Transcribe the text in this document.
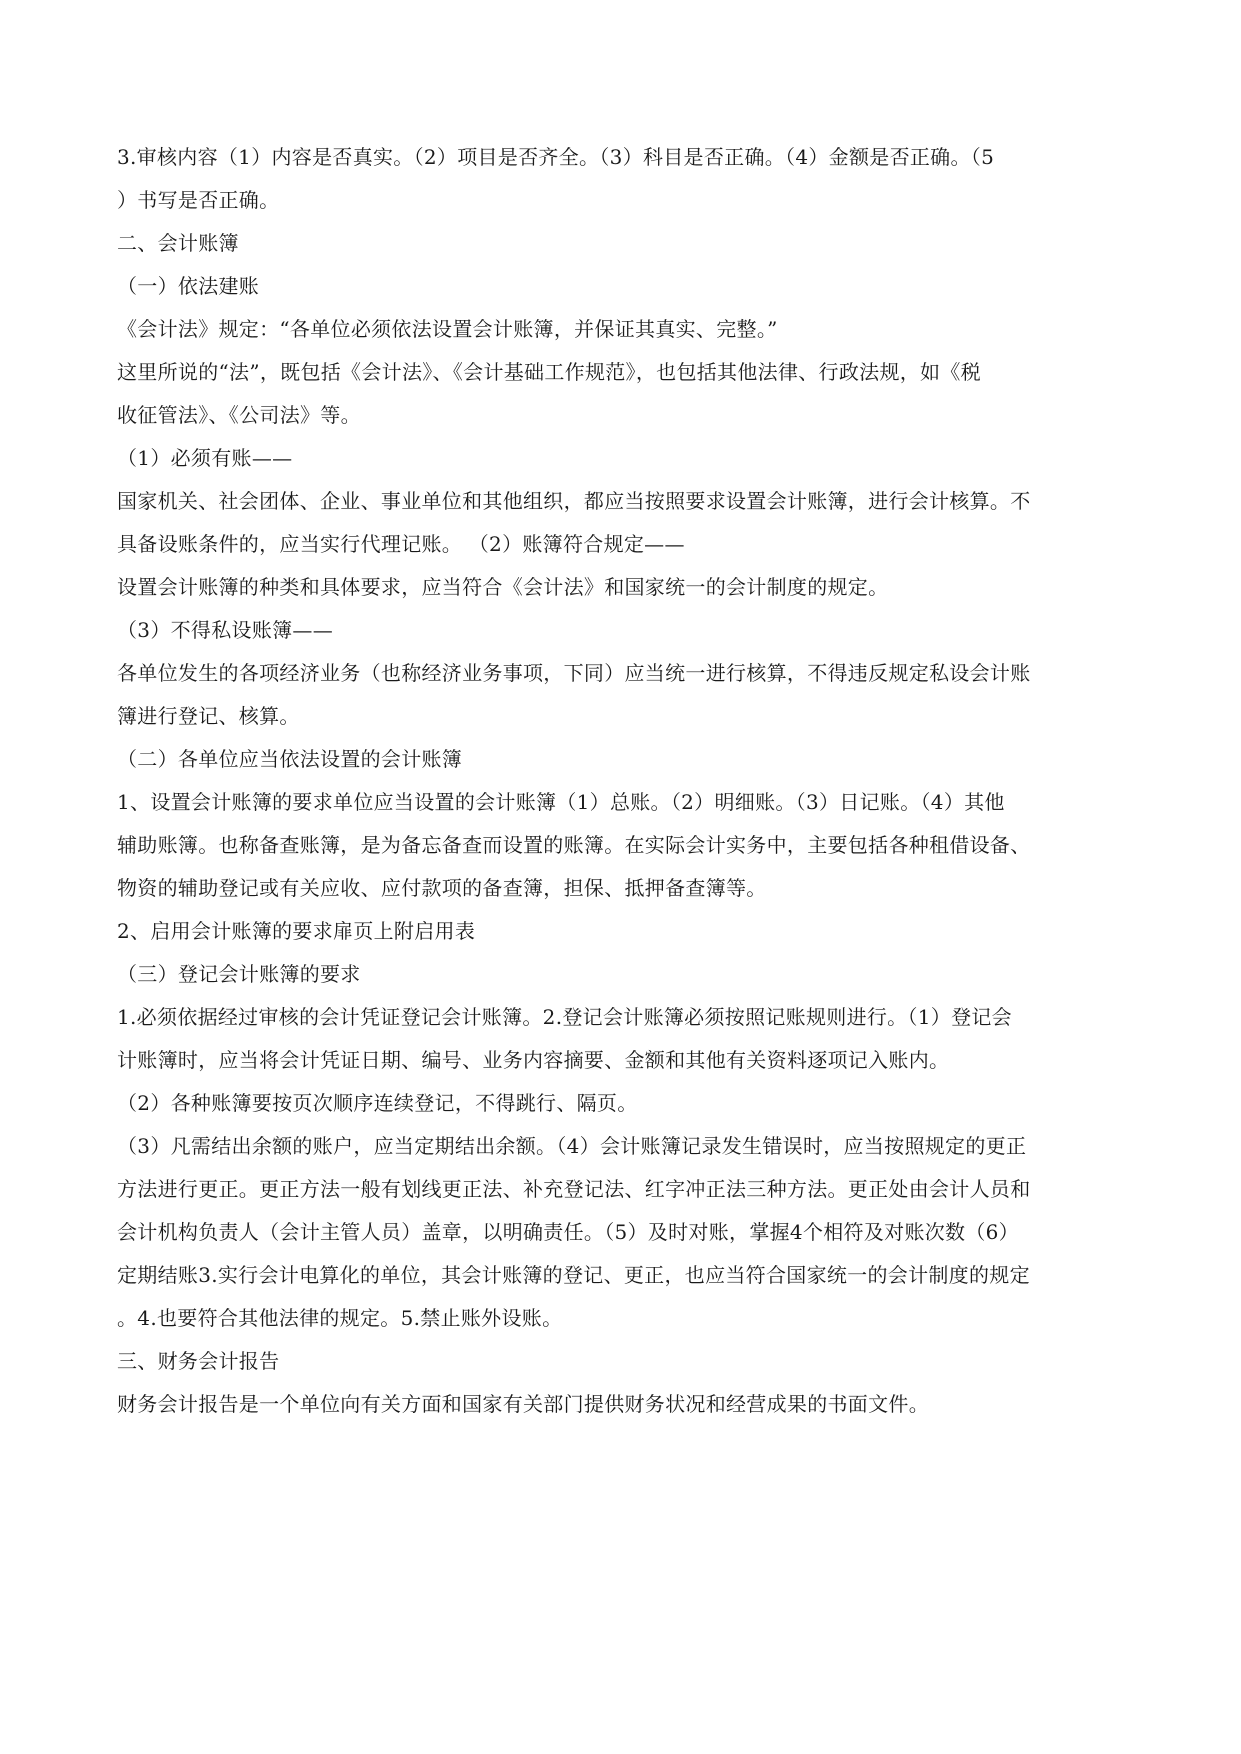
3.审核内容（1）内容是否真实。（2）项目是否齐全。（3）科目是否正确。（4）金额是否正确。（5
）书写是否正确。
二、会计账簿
（一）依法建账
《会计法》规定：“各单位必须依法设置会计账簿，并保证其真实、完整。”
这里所说的“法”，既包括《会计法》、《会计基础工作规范》，也包括其他法律、行政法规，如《税
收征管法》、《公司法》等。
（1）必须有账——
国家机关、社会团体、企业、事业单位和其他组织，都应当按照要求设置会计账簿，进行会计核算。不
具备设账条件的，应当实行代理记账。 （2）账簿符合规定——
设置会计账簿的种类和具体要求，应当符合《会计法》和国家统一的会计制度的规定。
（3）不得私设账簿——
各单位发生的各项经济业务（也称经济业务事项，下同）应当统一进行核算，不得违反规定私设会计账
簿进行登记、核算。
（二）各单位应当依法设置的会计账簿
1、设置会计账簿的要求单位应当设置的会计账簿（1）总账。（2）明细账。（3）日记账。（4）其他
辅助账簿。也称备查账簿，是为备忘备查而设置的账簿。在实际会计实务中，主要包括各种租借设备、
物资的辅助登记或有关应收、应付款项的备查簿，担保、抵押备查簿等。
2、启用会计账簿的要求扉页上附启用表
（三）登记会计账簿的要求
1.必须依据经过审核的会计凭证登记会计账簿。2.登记会计账簿必须按照记账规则进行。（1）登记会
计账簿时，应当将会计凭证日期、编号、业务内容摘要、金额和其他有关资料逐项记入账内。
（2）各种账簿要按页次顺序连续登记，不得跳行、隔页。
（3）凡需结出余额的账户，应当定期结出余额。（4）会计账簿记录发生错误时，应当按照规定的更正
方法进行更正。更正方法一般有划线更正法、补充登记法、红字冲正法三种方法。更正处由会计人员和
会计机构负责人（会计主管人员）盖章，以明确责任。（5）及时对账，掌握4个相符及对账次数（6）
定期结账3.实行会计电算化的单位，其会计账簿的登记、更正，也应当符合国家统一的会计制度的规定
。4.也要符合其他法律的规定。5.禁止账外设账。
三、财务会计报告
财务会计报告是一个单位向有关方面和国家有关部门提供财务状况和经营成果的书面文件。
